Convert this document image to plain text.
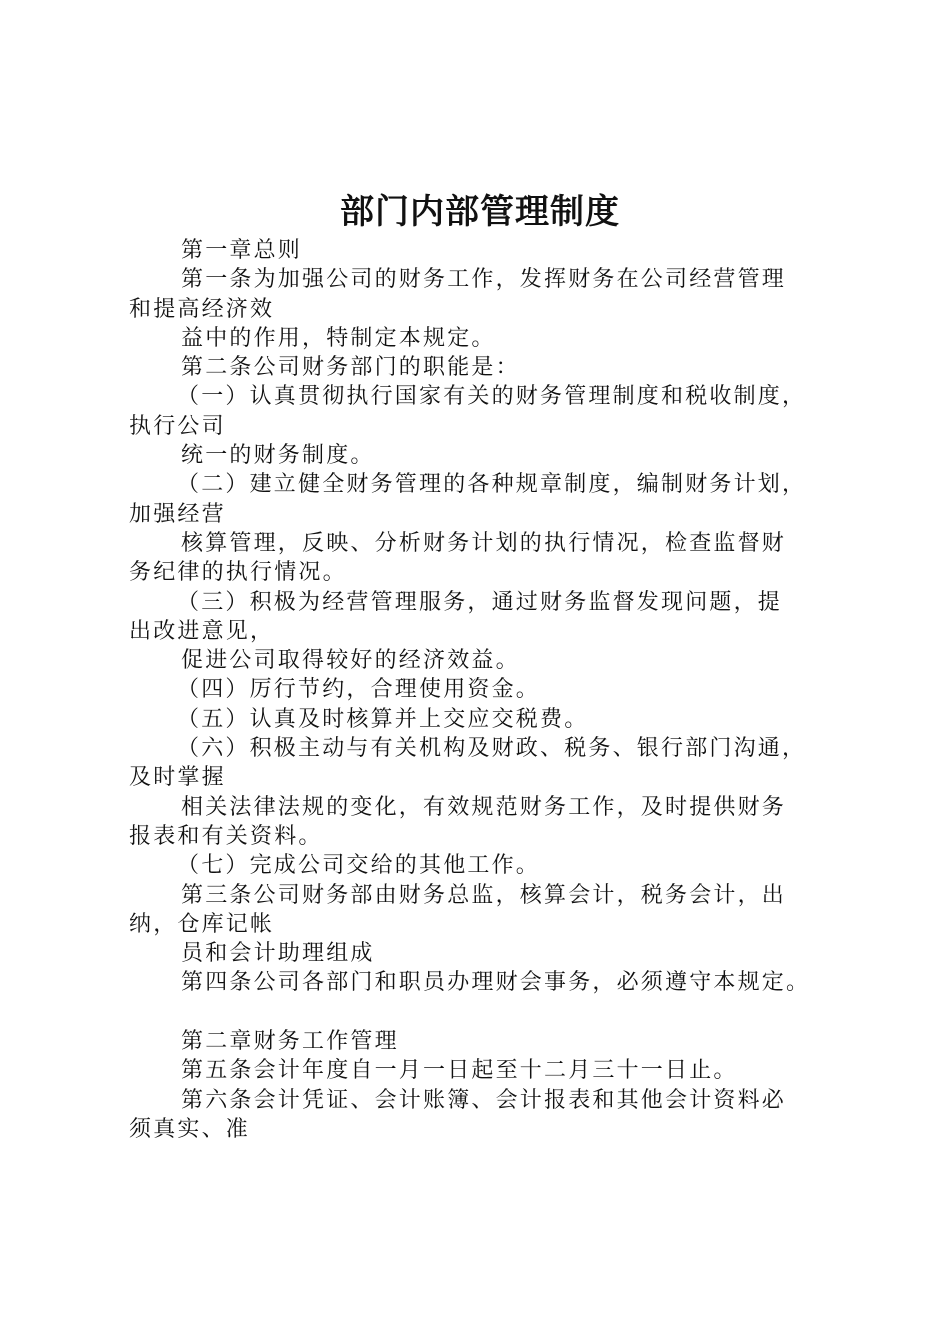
部门内部管理制度
第一章总则
第一条为加强公司的财务工作，发挥财务在公司经营管理
和提高经济效
益中的作用，特制定本规定。
第二条公司财务部门的职能是：
（一）认真贯彻执行国家有关的财务管理制度和税收制度，
执行公司
统一的财务制度。
（二）建立健全财务管理的各种规章制度，编制财务计划，
加强经营
核算管理，反映、分析财务计划的执行情况，检查监督财
务纪律的执行情况。
（三）积极为经营管理服务，通过财务监督发现问题，提
出改进意见，
促进公司取得较好的经济效益。
（四）厉行节约，合理使用资金。
（五）认真及时核算并上交应交税费。
（六）积极主动与有关机构及财政、税务、银行部门沟通，
及时掌握
相关法律法规的变化，有效规范财务工作，及时提供财务
报表和有关资料。
（七）完成公司交给的其他工作。
第三条公司财务部由财务总监，核算会计，税务会计，出
纳，仓库记帐
员和会计助理组成
第四条公司各部门和职员办理财会事务，必须遵守本规定。
第二章财务工作管理
第五条会计年度自一月一日起至十二月三十一日止。
第六条会计凭证、会计账簿、会计报表和其他会计资料必
须真实、准
